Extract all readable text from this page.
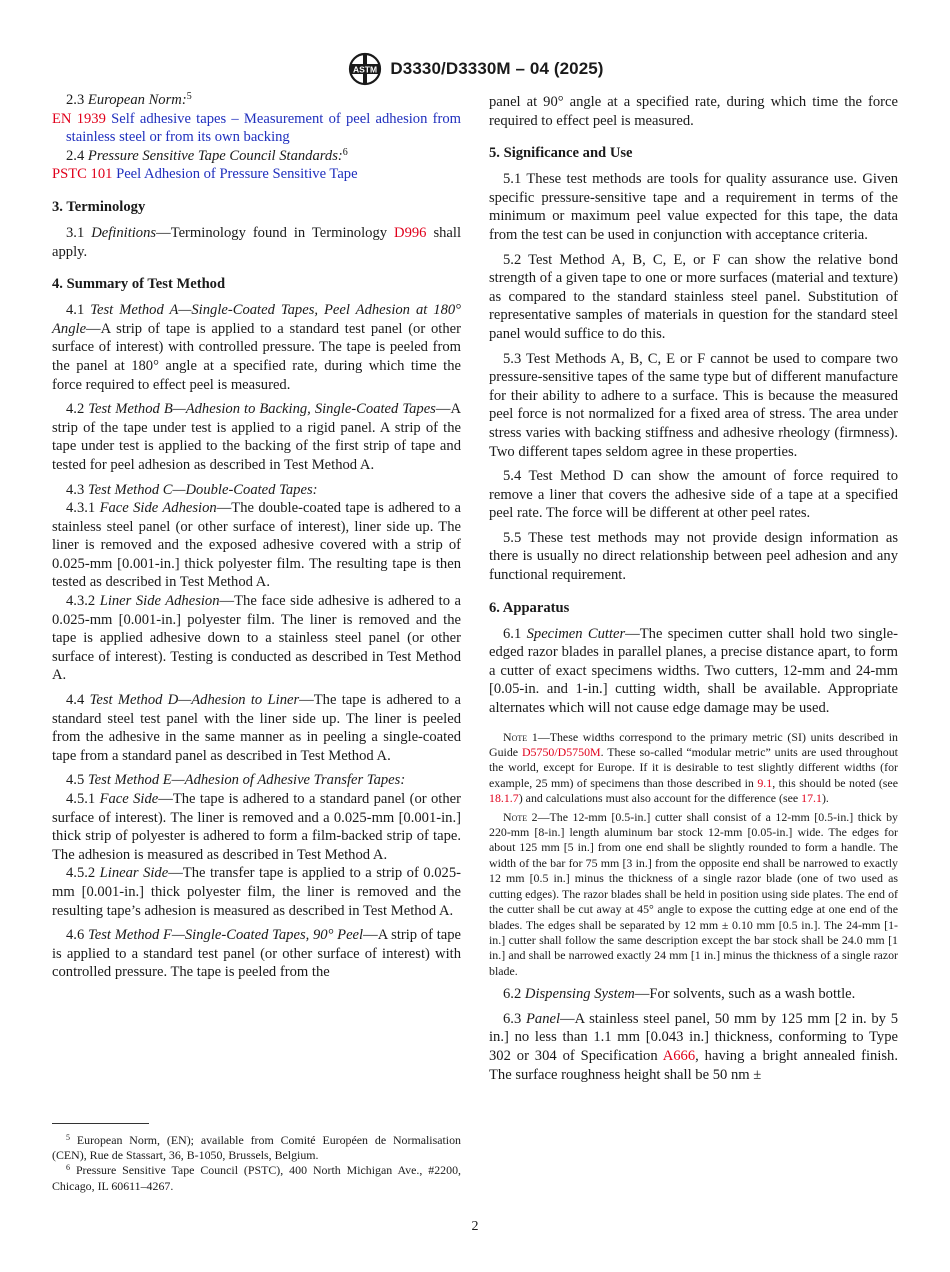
ASTM D3330/D3330M – 04 (2025)

2.3 European Norm:$^5$

EN 1939 Self adhesive tapes – Measurement of peel adhesion from stainless steel or from its own backing

2.4 Pressure Sensitive Tape Council Standards:$^6$

PSTC 101 Peel Adhesion of Pressure Sensitive Tape

3. Terminology

3.1 Definitions—Terminology found in Terminology D996 shall apply.

4. Summary of Test Method

4.1 Test Method A—Single-Coated Tapes, Peel Adhesion at 180° Angle—A strip of tape is applied to a standard test panel (or other surface of interest) with controlled pressure. The tape is peeled from the panel at 180° angle at a specified rate, during which time the force required to effect peel is measured.

4.2 Test Method B—Adhesion to Backing, Single-Coated Tapes—A strip of the tape under test is applied to a rigid panel. A strip of the tape under test is applied to the backing of the first strip of tape and tested for peel adhesion as described in Test Method A.

4.3 Test Method C—Double-Coated Tapes:

4.3.1 Face Side Adhesion—The double-coated tape is adhered to a stainless steel panel (or other surface of interest), liner side up. The liner is removed and the exposed adhesive covered with a strip of 0.025-mm [0.001-in.] thick polyester film. The resulting tape is then tested as described in Test Method A.

4.3.2 Liner Side Adhesion—The face side adhesive is adhered to a 0.025-mm [0.001-in.] polyester film. The liner is removed and the tape is applied adhesive down to a stainless steel panel (or other surface of interest). Testing is conducted as described in Test Method A.

4.4 Test Method D—Adhesion to Liner—The tape is adhered to a standard steel test panel with the liner side up. The liner is peeled from the adhesive in the same manner as in peeling a single-coated tape from a standard panel as described in Test Method A.

4.5 Test Method E—Adhesion of Adhesive Transfer Tapes:

4.5.1 Face Side—The tape is adhered to a standard panel (or other surface of interest). The liner is removed and a 0.025-mm [0.001-in.] thick strip of polyester is adhered to form a film-backed strip of tape. The adhesion is measured as described in Test Method A.

4.5.2 Linear Side—The transfer tape is applied to a strip of 0.025-mm [0.001-in.] thick polyester film, the liner is removed and the resulting tape’s adhesion is measured as described in Test Method A.

4.6 Test Method F—Single-Coated Tapes, 90° Peel—A strip of tape is applied to a standard test panel (or other surface of interest) with controlled pressure. The tape is peeled from the

panel at 90° angle at a specified rate, during which time the force required to effect peel is measured.

5. Significance and Use

5.1 These test methods are tools for quality assurance use. Given specific pressure-sensitive tape and a requirement in terms of the minimum or maximum peel value expected for this tape, the data from the test can be used in conjunction with acceptance criteria.

5.2 Test Method A, B, C, E, or F can show the relative bond strength of a given tape to one or more surfaces (material and texture) as compared to the standard stainless steel panel. Substitution of representative samples of materials in question for the standard steel panel would suffice to do this.

5.3 Test Methods A, B, C, E or F cannot be used to compare two pressure-sensitive tapes of the same type but of different manufacture for their ability to adhere to a surface. This is because the measured peel force is not normalized for a fixed area of stress. The area under stress varies with backing stiffness and adhesive rheology (firmness). Two different tapes seldom agree in these properties.

5.4 Test Method D can show the amount of force required to remove a liner that covers the adhesive side of a tape at a specified peel rate. The force will be different at other peel rates.

5.5 These test methods may not provide design information as there is usually no direct relationship between peel adhesion and any functional requirement.

6. Apparatus

6.1 Specimen Cutter—The specimen cutter shall hold two single-edged razor blades in parallel planes, a precise distance apart, to form a cutter of exact specimens widths. Two cutters, 12-mm and 24-mm [0.05-in. and 1-in.] cutting width, shall be available. Appropriate alternates which will not cause edge damage may be used.

Note 1—These widths correspond to the primary metric (SI) units described in Guide D5750/D5750M. These so-called “modular metric” units are used throughout the world, except for Europe. If it is desirable to test slightly different widths (for example, 25 mm) of specimens than those described in 9.1, this should be noted (see 18.1.7) and calculations must also account for the difference (see 17.1).

Note 2—The 12-mm [0.5-in.] cutter shall consist of a 12-mm [0.5-in.] thick by 220-mm [8-in.] length aluminum bar stock 12-mm [0.05-in.] wide. The edges for about 125 mm [5 in.] from one end shall be slightly rounded to form a handle. The width of the bar for 75 mm [3 in.] from the opposite end shall be narrowed to exactly 12 mm [0.5 in.] minus the thickness of a single razor blade (one of two used as cutting edges). The razor blades shall be held in position using side plates. The end of the cutter shall be cut away at 45° angle to expose the cutting edge at one end of the blades. The edges shall be separated by 12 mm ± 0.10 mm [0.5 in.]. The 24-mm [1-in.] cutter shall follow the same description except the bar stock shall be 24.0 mm [1 in.] and shall be narrowed exactly 24 mm [1 in.] minus the thickness of a single razor blade.

6.2 Dispensing System—For solvents, such as a wash bottle.

6.3 Panel—A stainless steel panel, 50 mm by 125 mm [2 in. by 5 in.] no less than 1.1 mm [0.043 in.] thickness, conforming to Type 302 or 304 of Specification A666, having a bright annealed finish. The surface roughness height shall be 50 nm ±

$^5$ European Norm, (EN); available from Comité Européen de Normalisation (CEN), Rue de Stassart, 36, B-1050, Brussels, Belgium.

$^6$ Pressure Sensitive Tape Council (PSTC), 400 North Michigan Ave., #2200, Chicago, IL 60611–4267.

2
